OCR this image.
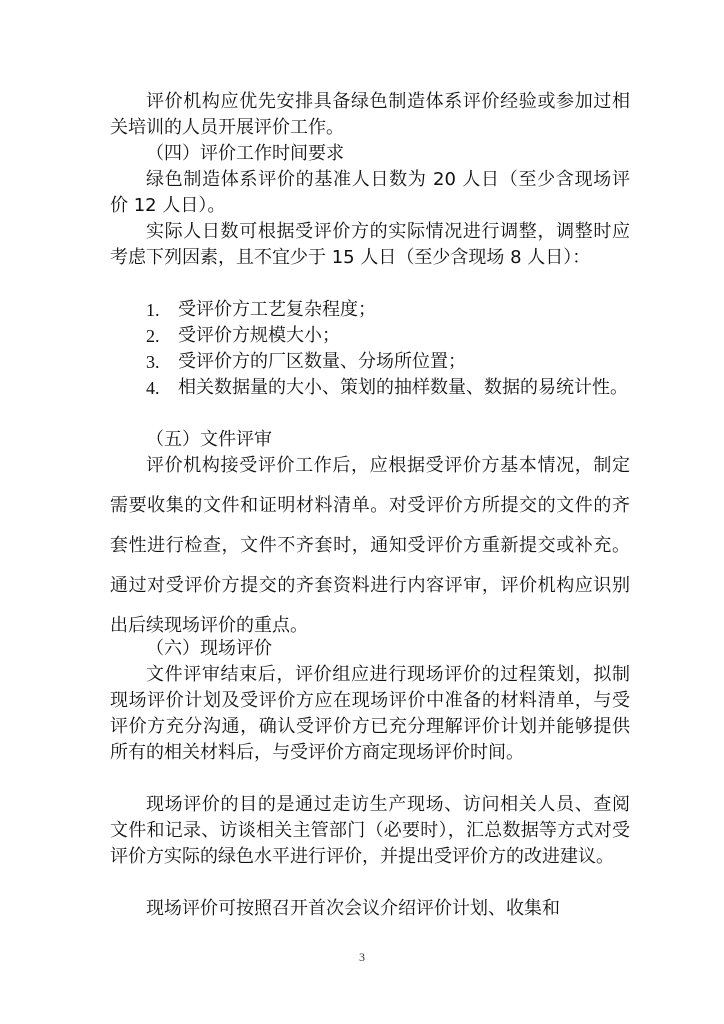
评价机构应优先安排具备绿色制造体系评价经验或参加过相关培训的人员开展评价工作。

（四）评价工作时间要求

绿色制造体系评价的基准人日数为 20 人日（至少含现场评价 12 人日）。

实际人日数可根据受评价方的实际情况进行调整，调整时应考虑下列因素，且不宜少于 15 人日（至少含现场 8 人日）：

1.	受评价方工艺复杂程度；
2.	受评价方规模大小；
3.	受评价方的厂区数量、分场所位置；
4.	相关数据量的大小、策划的抽样数量、数据的易统计性。

（五）文件评审

评价机构接受评价工作后，应根据受评价方基本情况，制定需要收集的文件和证明材料清单。对受评价方所提交的文件的齐套性进行检查，文件不齐套时，通知受评价方重新提交或补充。通过对受评价方提交的齐套资料进行内容评审，评价机构应识别出后续现场评价的重点。

（六）现场评价

文件评审结束后，评价组应进行现场评价的过程策划，拟制现场评价计划及受评价方应在现场评价中准备的材料清单，与受评价方充分沟通，确认受评价方已充分理解评价计划并能够提供所有的相关材料后，与受评价方商定现场评价时间。

现场评价的目的是通过走访生产现场、访问相关人员、查阅文件和记录、访谈相关主管部门（必要时），汇总数据等方式对受评价方实际的绿色水平进行评价，并提出受评价方的改进建议。

现场评价可按照召开首次会议介绍评价计划、收集和

3
